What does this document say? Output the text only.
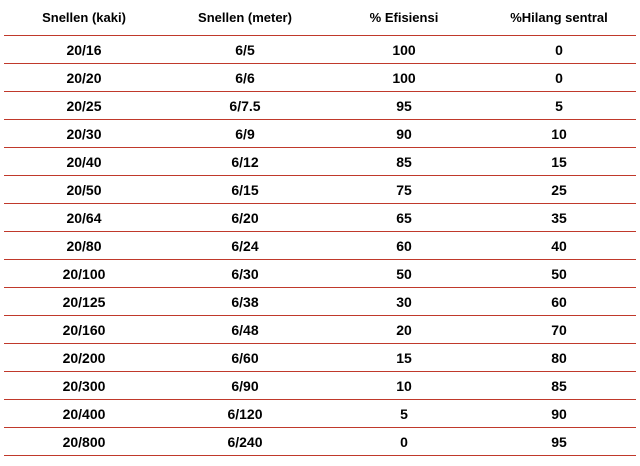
Snellen (kaki)	Snellen (meter)	% Efisiensi	%Hilang sentral
20/16	6/5	100	0
20/20	6/6	100	0
20/25	6/7.5	95	5
20/30	6/9	90	10
20/40	6/12	85	15
20/50	6/15	75	25
20/64	6/20	65	35
20/80	6/24	60	40
20/100	6/30	50	50
20/125	6/38	30	60
20/160	6/48	20	70
20/200	6/60	15	80
20/300	6/90	10	85
20/400	6/120	5	90
20/800	6/240	0	95
